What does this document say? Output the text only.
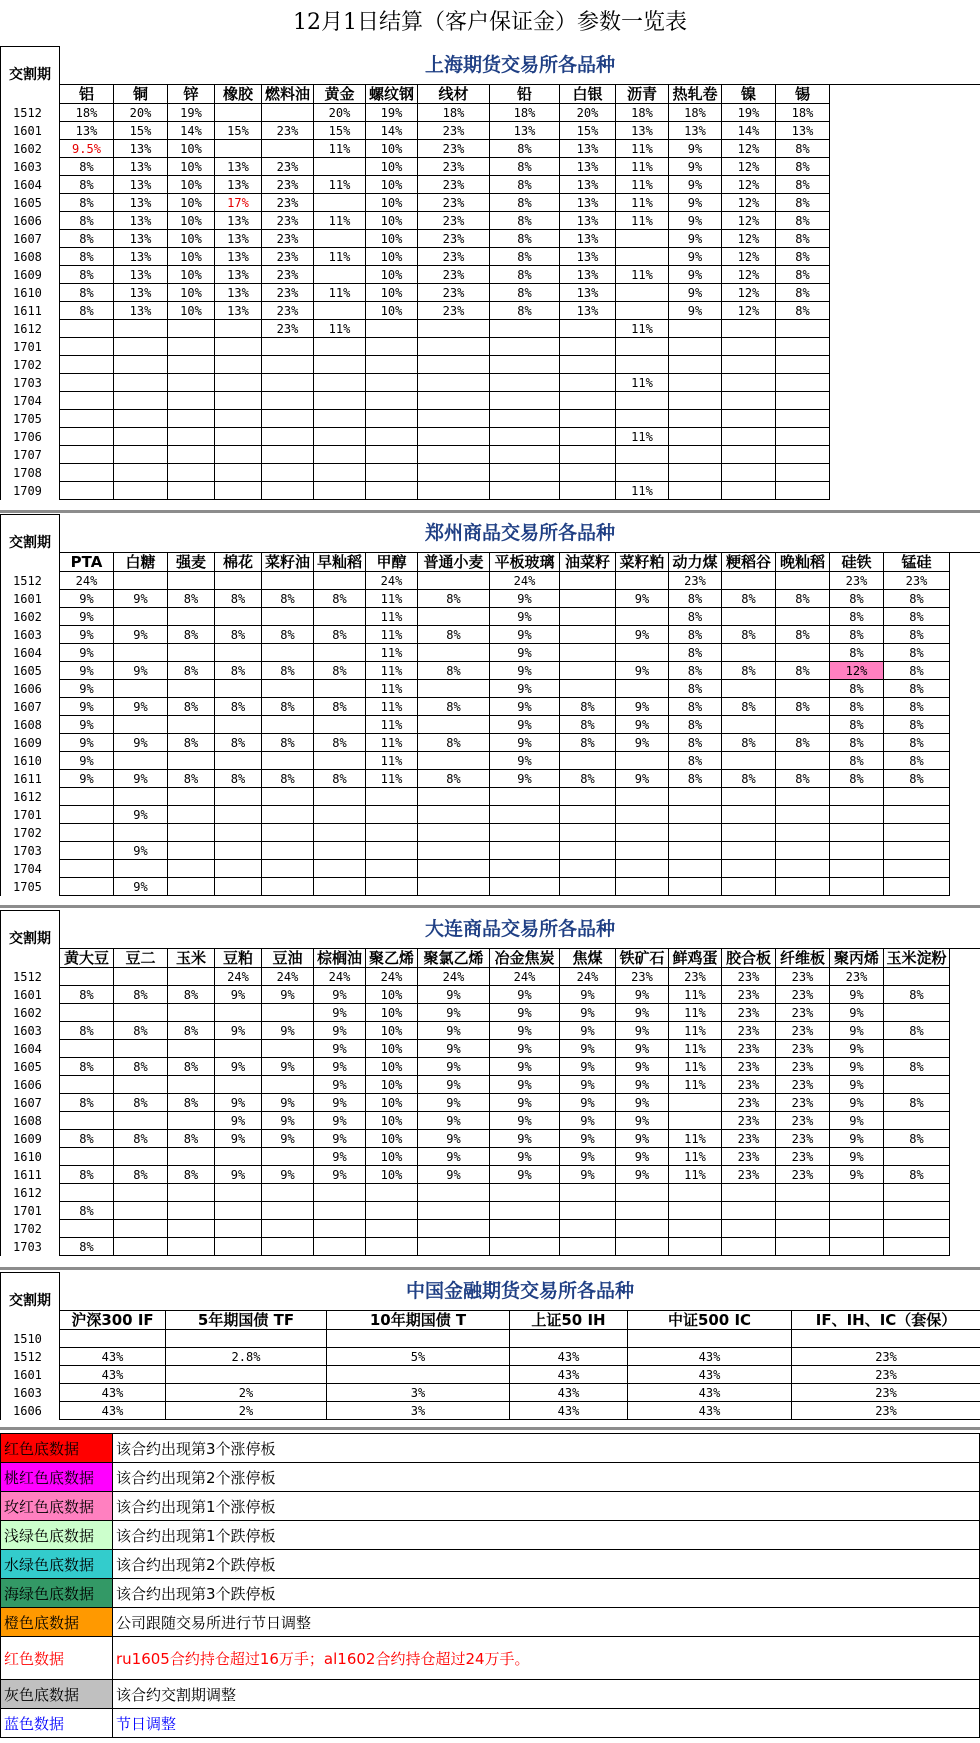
12月1日结算（客户保证金）参数一览表
交割期	上海期货交易所各品种														
	铝	铜	锌	橡胶	燃料油	黄金	螺纹钢	线材	铅	白银	沥青	热轧卷	镍	锡	
1512	18%	20%	19%			20%	19%	18%	18%	20%	18%	18%	19%	18%	
1601	13%	15%	14%	15%	23%	15%	14%	23%	13%	15%	13%	13%	14%	13%	
1602	9.5%	13%	10%			11%	10%	23%	8%	13%	11%	9%	12%	8%	
1603	8%	13%	10%	13%	23%		10%	23%	8%	13%	11%	9%	12%	8%	
1604	8%	13%	10%	13%	23%	11%	10%	23%	8%	13%	11%	9%	12%	8%	
1605	8%	13%	10%	17%	23%		10%	23%	8%	13%	11%	9%	12%	8%	
1606	8%	13%	10%	13%	23%	11%	10%	23%	8%	13%	11%	9%	12%	8%	
1607	8%	13%	10%	13%	23%		10%	23%	8%	13%		9%	12%	8%	
1608	8%	13%	10%	13%	23%	11%	10%	23%	8%	13%		9%	12%	8%	
1609	8%	13%	10%	13%	23%		10%	23%	8%	13%	11%	9%	12%	8%	
1610	8%	13%	10%	13%	23%	11%	10%	23%	8%	13%		9%	12%	8%	
1611	8%	13%	10%	13%	23%		10%	23%	8%	13%		9%	12%	8%	
1612					23%	11%					11%				
1701															
1702															
1703											11%				
1704															
1705															
1706											11%				
1707															
1708															
1709											11%				
交割期	郑州商品交易所各品种																
	PTA	白糖	强麦	棉花	菜籽油	早籼稻	甲醇	普通小麦	平板玻璃	油菜籽	菜籽粕	动力煤	粳稻谷	晚籼稻	硅铁	锰硅	
1512	24%						24%		24%			23%			23%	23%	
1601	9%	9%	8%	8%	8%	8%	11%	8%	9%		9%	8%	8%	8%	8%	8%	
1602	9%						11%		9%			8%			8%	8%	
1603	9%	9%	8%	8%	8%	8%	11%	8%	9%		9%	8%	8%	8%	8%	8%	
1604	9%						11%		9%			8%			8%	8%	
1605	9%	9%	8%	8%	8%	8%	11%	8%	9%		9%	8%	8%	8%	12%	8%	
1606	9%						11%		9%			8%			8%	8%	
1607	9%	9%	8%	8%	8%	8%	11%	8%	9%	8%	9%	8%	8%	8%	8%	8%	
1608	9%						11%		9%	8%	9%	8%			8%	8%	
1609	9%	9%	8%	8%	8%	8%	11%	8%	9%	8%	9%	8%	8%	8%	8%	8%	
1610	9%						11%		9%			8%			8%	8%	
1611	9%	9%	8%	8%	8%	8%	11%	8%	9%	8%	9%	8%	8%	8%	8%	8%	
1612																	
1701		9%															
1702																	
1703		9%															
1704																	
1705		9%															
交割期	大连商品交易所各品种																
	黄大豆	豆二	玉米	豆粕	豆油	棕榈油	聚乙烯	聚氯乙烯	冶金焦炭	焦煤	铁矿石	鲜鸡蛋	胶合板	纤维板	聚丙烯	玉米淀粉	
1512				24%	24%	24%	24%	24%	24%	24%	23%	23%	23%	23%	23%		
1601	8%	8%	8%	9%	9%	9%	10%	9%	9%	9%	9%	11%	23%	23%	9%	8%	
1602						9%	10%	9%	9%	9%	9%	11%	23%	23%	9%		
1603	8%	8%	8%	9%	9%	9%	10%	9%	9%	9%	9%	11%	23%	23%	9%	8%	
1604						9%	10%	9%	9%	9%	9%	11%	23%	23%	9%		
1605	8%	8%	8%	9%	9%	9%	10%	9%	9%	9%	9%	11%	23%	23%	9%	8%	
1606						9%	10%	9%	9%	9%	9%	11%	23%	23%	9%		
1607	8%	8%	8%	9%	9%	9%	10%	9%	9%	9%	9%		23%	23%	9%	8%	
1608				9%	9%	9%	10%	9%	9%	9%	9%		23%	23%	9%		
1609	8%	8%	8%	9%	9%	9%	10%	9%	9%	9%	9%	11%	23%	23%	9%	8%	
1610						9%	10%	9%	9%	9%	9%	11%	23%	23%	9%		
1611	8%	8%	8%	9%	9%	9%	10%	9%	9%	9%	9%	11%	23%	23%	9%	8%	
1612																	
1701	8%																
1702																	
1703	8%																
交割期	中国金融期货交易所各品种					
	沪深300 IF	5年期国债 TF	10年期国债 T	上证50 IH	中证500 IC	IF、IH、IC（套保）
1510						
1512	43%	2.8%	5%	43%	43%	23%
1601	43%			43%	43%	23%
1603	43%	2%	3%	43%	43%	23%
1606	43%	2%	3%	43%	43%	23%
红色底数据	该合约出现第3个涨停板
桃红色底数据	该合约出现第2个涨停板
玫红色底数据	该合约出现第1个涨停板
浅绿色底数据	该合约出现第1个跌停板
水绿色底数据	该合约出现第2个跌停板
海绿色底数据	该合约出现第3个跌停板
橙色底数据	公司跟随交易所进行节日调整
红色数据	ru1605合约持仓超过16万手；al1602合约持仓超过24万手。
灰色底数据	该合约交割期调整
蓝色数据	节日调整
